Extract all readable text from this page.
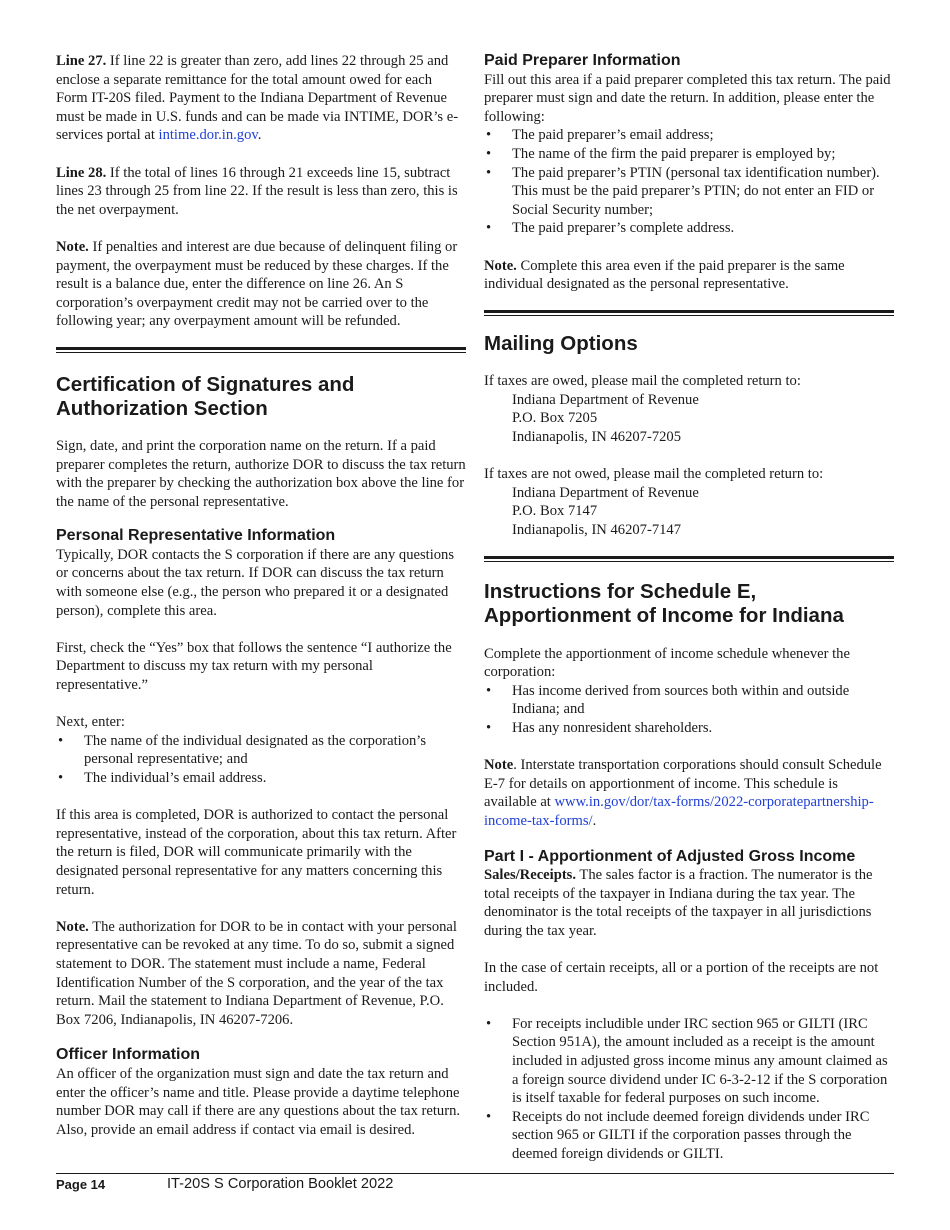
Line 27. If line 22 is greater than zero, add lines 22 through 25 and enclose a separate remittance for the total amount owed for each Form IT-20S filed. Payment to the Indiana Department of Revenue must be made in U.S. funds and can be made via INTIME, DOR’s e-services portal at intime.dor.in.gov.

Line 28. If the total of lines 16 through 21 exceeds line 15, subtract lines 23 through 25 from line 22. If the result is less than zero, this is the net overpayment.

Note. If penalties and interest are due because of delinquent filing or payment, the overpayment must be reduced by these charges. If the result is a balance due, enter the difference on line 26. An S corporation’s overpayment credit may not be carried over to the following year; any overpayment amount will be refunded.

Certification of Signatures and Authorization Section

Sign, date, and print the corporation name on the return. If a paid preparer completes the return, authorize DOR to discuss the tax return with the preparer by checking the authorization box above the line for the name of the personal representative.

Personal Representative Information

Typically, DOR contacts the S corporation if there are any questions or concerns about the tax return. If DOR can discuss the tax return with someone else (e.g., the person who prepared it or a designated person), complete this area.

First, check the “Yes” box that follows the sentence “I authorize the Department to discuss my tax return with my personal representative.”

Next, enter:

• The name of the individual designated as the corporation’s personal representative; and
• The individual’s email address.

If this area is completed, DOR is authorized to contact the personal representative, instead of the corporation, about this tax return. After the return is filed, DOR will communicate primarily with the designated personal representative for any matters concerning this return.

Note. The authorization for DOR to be in contact with your personal representative can be revoked at any time. To do so, submit a signed statement to DOR. The statement must include a name, Federal Identification Number of the S corporation, and the year of the tax return. Mail the statement to Indiana Department of Revenue, P.O. Box 7206, Indianapolis, IN 46207-7206.

Officer Information

An officer of the organization must sign and date the tax return and enter the officer’s name and title. Please provide a daytime telephone number DOR may call if there are any questions about the tax return. Also, provide an email address if contact via email is desired.

Paid Preparer Information

Fill out this area if a paid preparer completed this tax return. The paid preparer must sign and date the return. In addition, please enter the following:

• The paid preparer’s email address;
• The name of the firm the paid preparer is employed by;
• The paid preparer’s PTIN (personal tax identification number). This must be the paid preparer’s PTIN; do not enter an FID or Social Security number;
• The paid preparer’s complete address.

Note. Complete this area even if the paid preparer is the same individual designated as the personal representative.

Mailing Options

If taxes are owed, please mail the completed return to:

Indiana Department of Revenue

P.O. Box 7205

Indianapolis, IN 46207-7205

If taxes are not owed, please mail the completed return to:

Indiana Department of Revenue

P.O. Box 7147

Indianapolis, IN 46207-7147

Instructions for Schedule E, Apportionment of Income for Indiana

Complete the apportionment of income schedule whenever the corporation:

• Has income derived from sources both within and outside Indiana; and
• Has any nonresident shareholders.

Note. Interstate transportation corporations should consult Schedule E-7 for details on apportionment of income. This schedule is available at www.in.gov/dor/tax-forms/2022-corporatepartnership-income-tax-forms/.

Part I - Apportionment of Adjusted Gross Income

Sales/Receipts. The sales factor is a fraction. The numerator is the total receipts of the taxpayer in Indiana during the tax year. The denominator is the total receipts of the taxpayer in all jurisdictions during the tax year.

In the case of certain receipts, all or a portion of the receipts are not included.

• For receipts includible under IRC section 965 or GILTI (IRC Section 951A), the amount included as a receipt is the amount included in adjusted gross income minus any amount claimed as a foreign source dividend under IC 6-3-2-12 if the S corporation is itself taxable for federal purposes on such income.
• Receipts do not include deemed foreign dividends under IRC section 965 or GILTI if the corporation passes through the deemed foreign dividends or GILTI.
Page 14	IT-20S S Corporation Booklet 2022
